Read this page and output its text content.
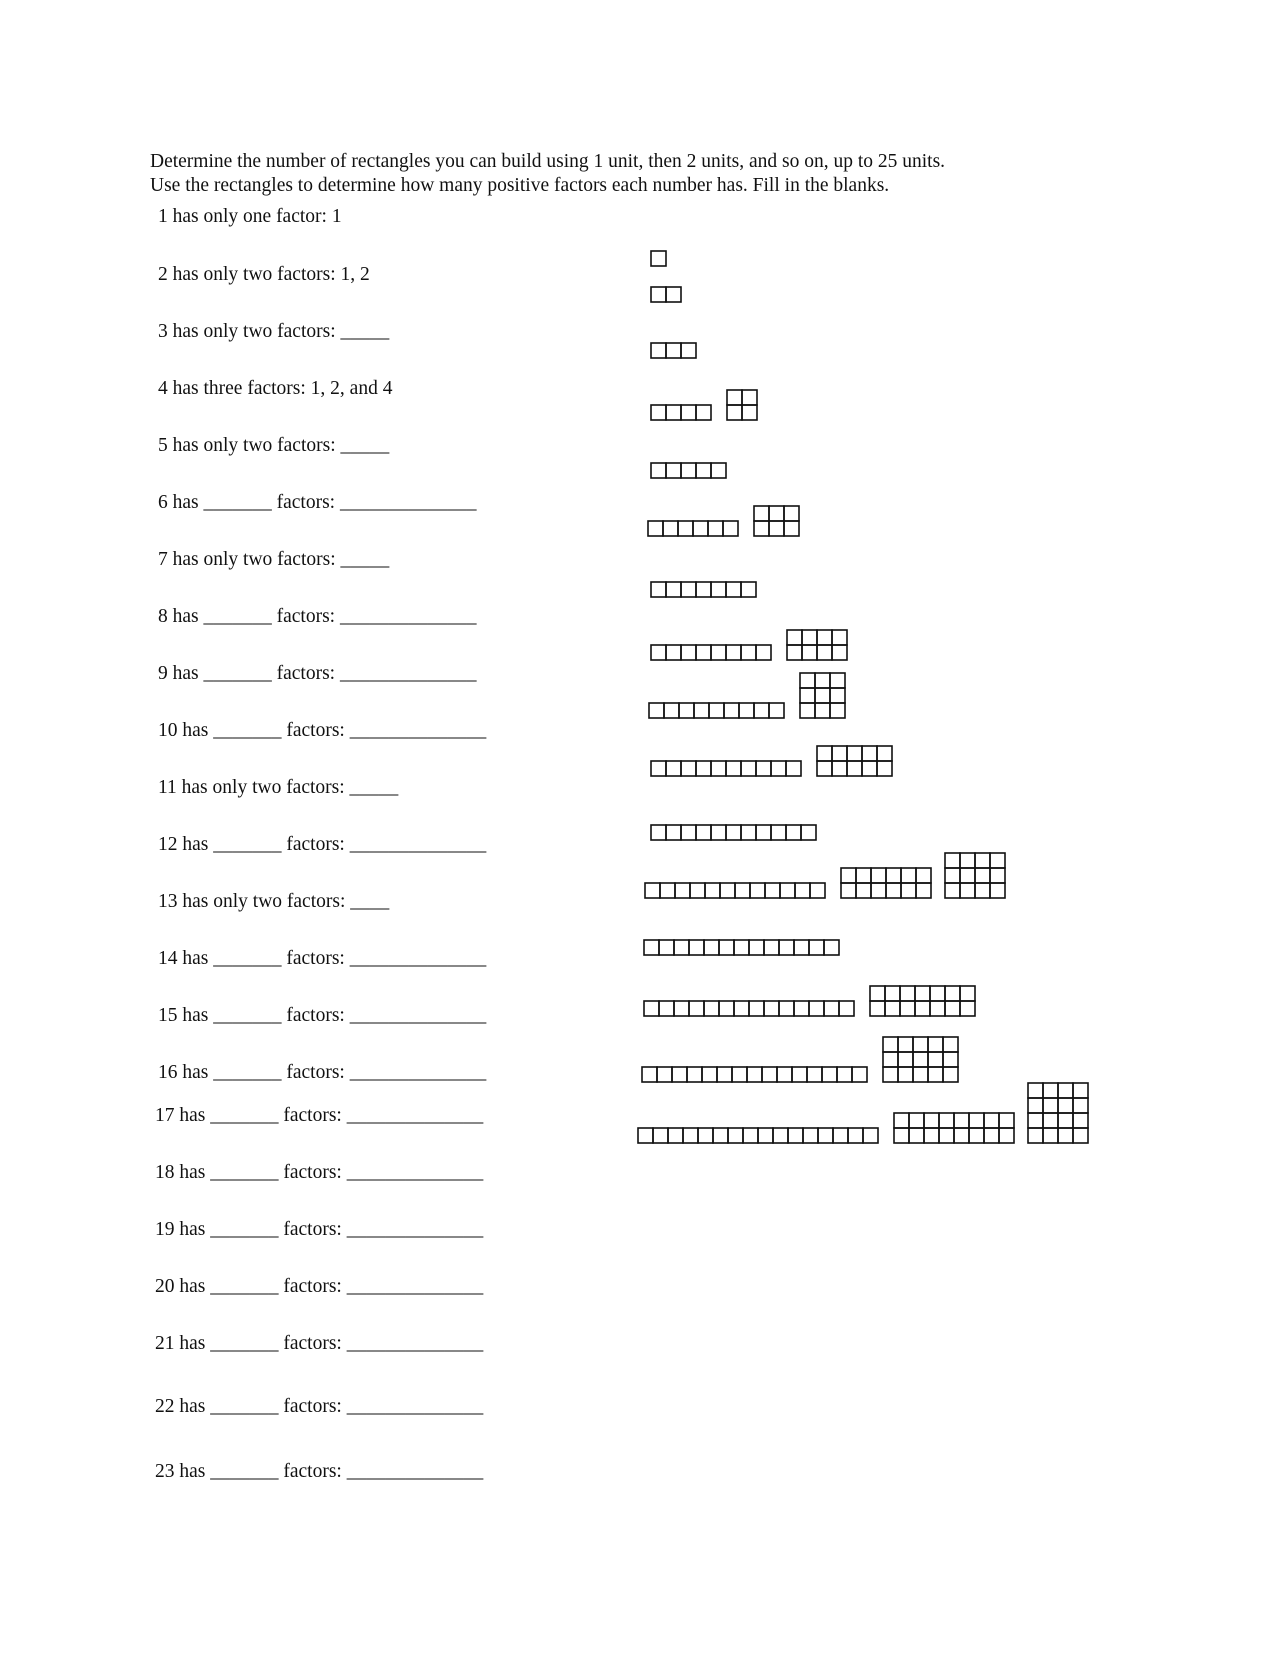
Determine the number of rectangles you can build using 1 unit, then 2 units, and so on, up to 25 units.

Use the rectangles to determine how many positive factors each number has. Fill in the blanks.

1 has only one factor: 1
2 has only two factors: 1, 2
3 has only two factors: _____
4 has three factors: 1, 2, and 4
5 has only two factors: _____
6 has _______ factors: ______________
7 has only two factors: _____
8 has _______ factors: ______________
9 has _______ factors: ______________
10 has _______ factors: ______________
11 has only two factors: _____
12 has _______ factors: ______________
13 has only two factors: ____
14 has _______ factors: ______________
15 has _______ factors: ______________
16 has _______ factors: ______________
17 has _______ factors: ______________
18 has _______ factors: ______________
19 has _______ factors: ______________
20 has _______ factors: ______________
21 has _______ factors: ______________
22 has _______ factors: ______________
23 has _______ factors: ______________
